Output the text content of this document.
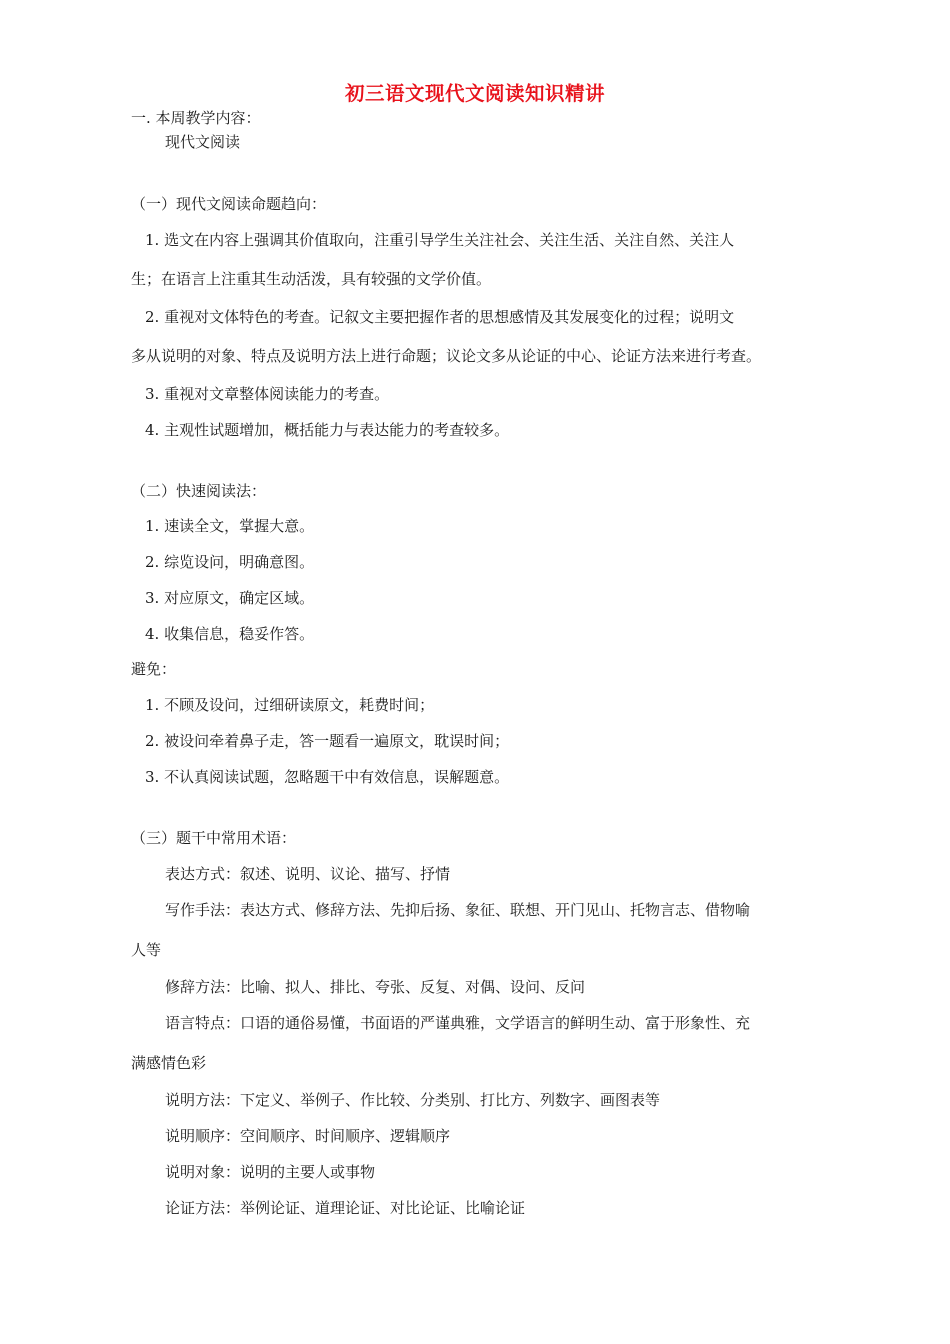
初三语文现代文阅读知识精讲
一. 本周教学内容：
现代文阅读
（一）现代文阅读命题趋向：
1. 选文在内容上强调其价值取向，注重引导学生关注社会、关注生活、关注自然、关注人
生；在语言上注重其生动活泼，具有较强的文学价值。
2. 重视对文体特色的考查。记叙文主要把握作者的思想感情及其发展变化的过程；说明文
多从说明的对象、特点及说明方法上进行命题；议论文多从论证的中心、论证方法来进行考查。
3. 重视对文章整体阅读能力的考查。
4. 主观性试题增加，概括能力与表达能力的考查较多。
（二）快速阅读法：
1. 速读全文，掌握大意。
2. 综览设问，明确意图。
3. 对应原文，确定区域。
4. 收集信息，稳妥作答。
避免：
1. 不顾及设问，过细研读原文，耗费时间；
2. 被设问牵着鼻子走，答一题看一遍原文，耽误时间；
3. 不认真阅读试题，忽略题干中有效信息，误解题意。
（三）题干中常用术语：
表达方式：叙述、说明、议论、描写、抒情
写作手法：表达方式、修辞方法、先抑后扬、象征、联想、开门见山、托物言志、借物喻
人等
修辞方法：比喻、拟人、排比、夸张、反复、对偶、设问、反问
语言特点：口语的通俗易懂，书面语的严谨典雅，文学语言的鲜明生动、富于形象性、充
满感情色彩
说明方法：下定义、举例子、作比较、分类别、打比方、列数字、画图表等
说明顺序：空间顺序、时间顺序、逻辑顺序
说明对象：说明的主要人或事物
论证方法：举例论证、道理论证、对比论证、比喻论证
